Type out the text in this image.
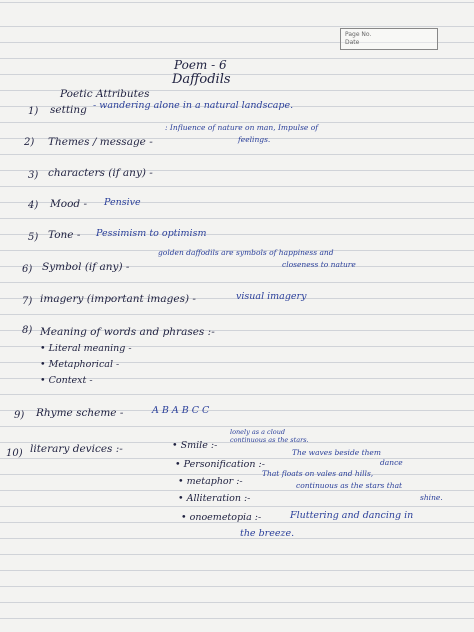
Page No.
Date
Poem - 6
Daffodils
Poetic Attributes
1) setting - wandering alone in a natural landscape.
2) Themes / message -
: Influence of nature on man, Impulse of
feelings.
3) characters (if any) -
4) Mood - Pensive
5) Tone - Pessimism to optimism
6) Symbol (if any) -
golden daffodils are symbols of happiness and
closeness to nature
7) imagery (important images) -	visual imagery
8) Meaning of words and phrases :-
• Literal meaning -
• Metaphorical -
• Context -
9) Rhyme scheme -	A B A B C C
10) literary devices :-	• Smile :-
lonely as a cloud
continuous as the stars.
• Personification :-
The waves beside them
dance
• metaphor :-
That floats on vales and hills,
continuous as the stars that
• Alliteration :-	shine.
• onoemetopia :-	Fluttering and dancing in
the breeze.
